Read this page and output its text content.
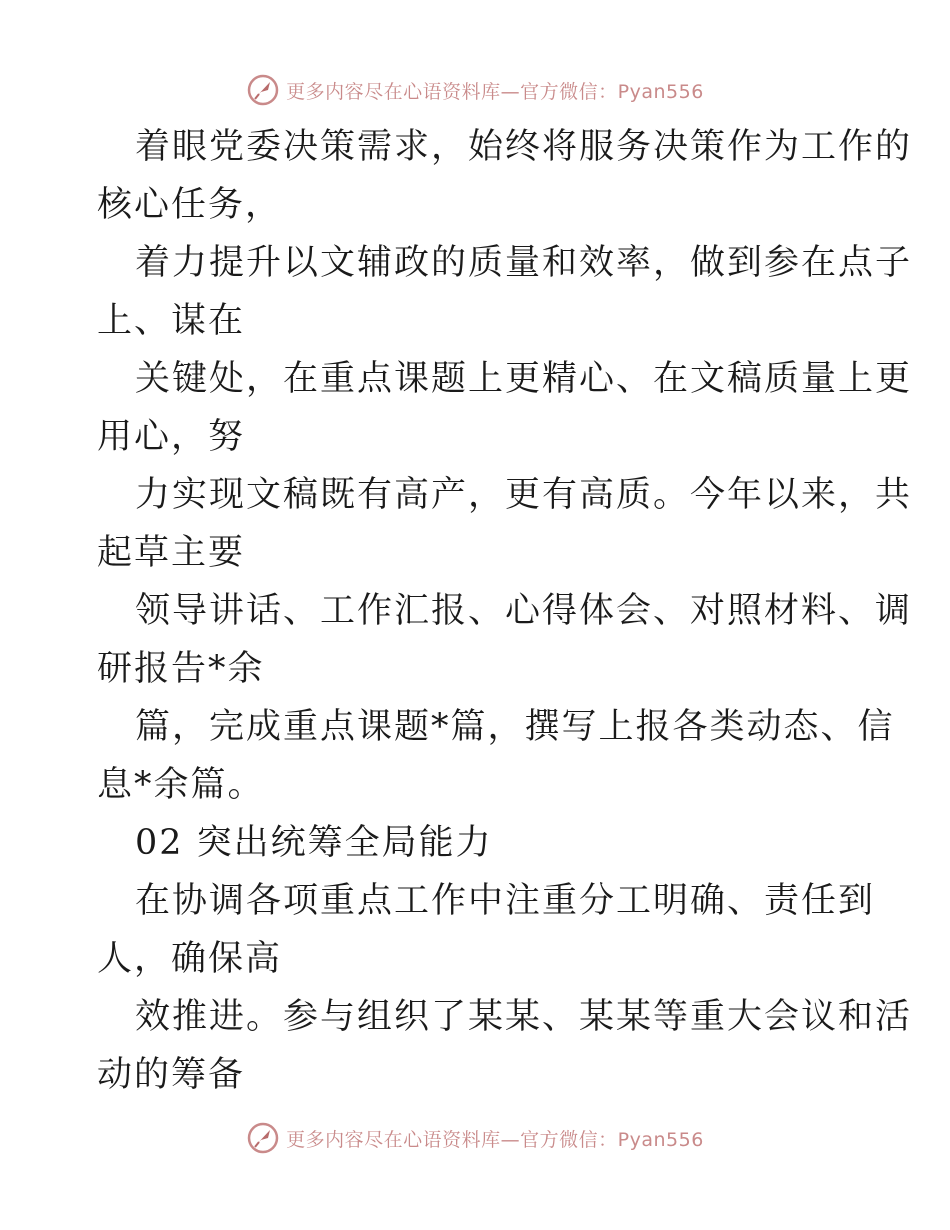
更多内容尽在心语资料库—官方微信：Pyan556
着眼党委决策需求，始终将服务决策作为工作的
核心任务，
着力提升以文辅政的质量和效率，做到参在点子
上、谋在
关键处，在重点课题上更精心、在文稿质量上更
用心，努
力实现文稿既有高产，更有高质。今年以来，共
起草主要
领导讲话、工作汇报、心得体会、对照材料、调
研报告*余
篇，完成重点课题*篇，撰写上报各类动态、信
息*余篇。
02 突出统筹全局能力
在协调各项重点工作中注重分工明确、责任到
人，确保高
效推进。参与组织了某某、某某等重大会议和活
动的筹备
更多内容尽在心语资料库—官方微信：Pyan556
